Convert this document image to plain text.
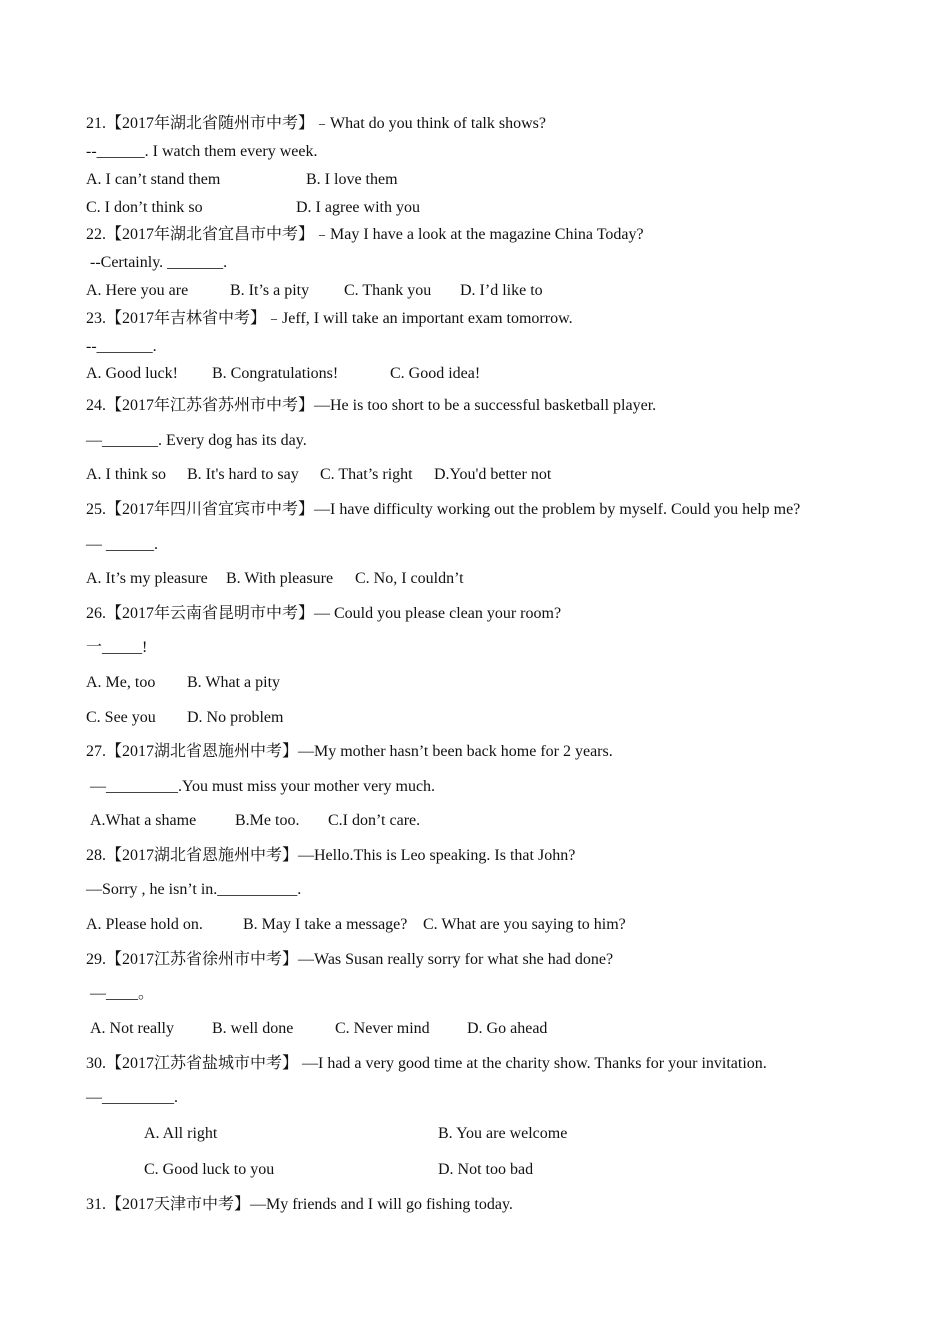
21.【2017年湖北省随州市中考】﹣What do you think of talk shows?
--______. I watch them every week.
A. I can’t stand them	B. I love them
C. I don’t think so	D. I agree with you
22.【2017年湖北省宜昌市中考】﹣May I have a look at the magazine China Today?
--Certainly. _______.
A. Here you are	B. It’s a pity C. Thank you D. I’d like to
23.【2017年吉林省中考】﹣Jeff, I will take an important exam tomorrow.
--_______.
A. Good luck! B. Congratulations!	C. Good idea!
24.【2017年江苏省苏州市中考】—He is too short to be a successful basketball player.
—_______. Every dog has its day.
A. I think so B. It's hard to say C. That’s right D.You'd better not
25.【2017年四川省宜宾市中考】—I have difficulty working out the problem by myself. Could you help me?
— ______.
A. It’s my pleasure B. With pleasure C. No, I couldn’t
26.【2017年云南省昆明市中考】— Could you please clean your room?
一_____!
A. Me, too B. What a pity
C. See you D. No problem
27.【2017湖北省恩施州中考】—My mother hasn’t been back home for 2 years.
—_________.You must miss your mother very much.
A.What a shame B.Me too. C.I don’t care.
28.【2017湖北省恩施州中考】—Hello.This is Leo speaking. Is that John?
—Sorry , he isn’t in.__________.
A. Please hold on.	B. May I take a message? C. What are you saying to him?
29.【2017江苏省徐州市中考】—Was Susan really sorry for what she had done?
—____。
A. Not really B. well done	C. Never mind D. Go ahead
30.【2017江苏省盐城市中考】 —I had a very good time at the charity show. Thanks for your invitation.
—_________.
A. All right	B. You are welcome
C. Good luck to you	D. Not too bad
31.【2017天津市中考】—My friends and I will go fishing today.
